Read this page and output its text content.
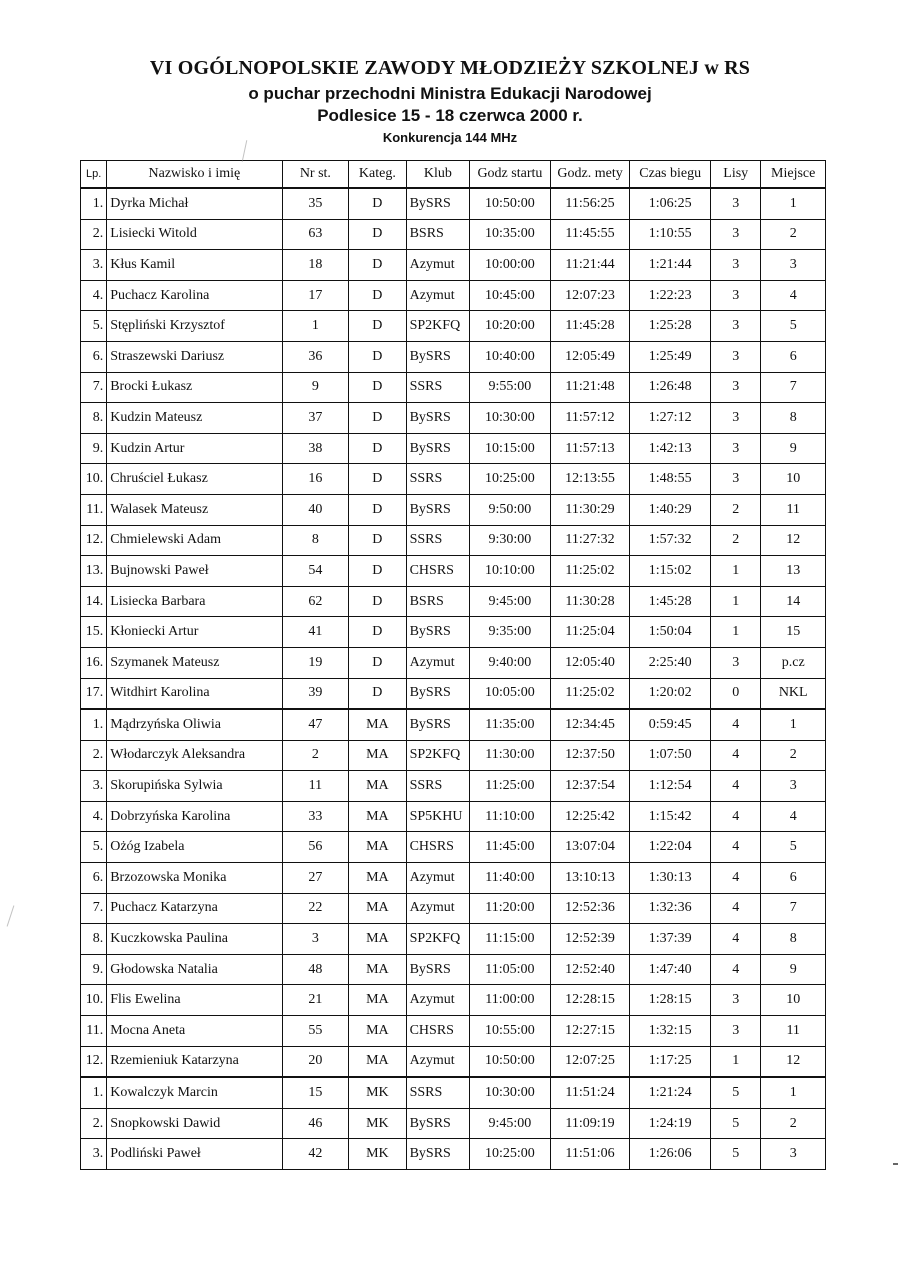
VI OGÓLNOPOLSKIE ZAWODY MŁODZIEŻY SZKOLNEJ w RS
o puchar przechodni Ministra Edukacji Narodowej
Podlesice 15 - 18 czerwca 2000 r.
Konkurencja 144 MHz
Lp.	Nazwisko i imię	Nr st.	Kateg.	Klub	Godz startu	Godz. mety	Czas biegu	Lisy	Miejsce
1.	Dyrka Michał	35	D	BySRS	10:50:00	11:56:25	1:06:25	3	1
2.	Lisiecki Witold	63	D	BSRS	10:35:00	11:45:55	1:10:55	3	2
3.	Kłus Kamil	18	D	Azymut	10:00:00	11:21:44	1:21:44	3	3
4.	Puchacz Karolina	17	D	Azymut	10:45:00	12:07:23	1:22:23	3	4
5.	Stępliński Krzysztof	1	D	SP2KFQ	10:20:00	11:45:28	1:25:28	3	5
6.	Straszewski Dariusz	36	D	BySRS	10:40:00	12:05:49	1:25:49	3	6
7.	Brocki Łukasz	9	D	SSRS	9:55:00	11:21:48	1:26:48	3	7
8.	Kudzin Mateusz	37	D	BySRS	10:30:00	11:57:12	1:27:12	3	8
9.	Kudzin Artur	38	D	BySRS	10:15:00	11:57:13	1:42:13	3	9
10.	Chruściel Łukasz	16	D	SSRS	10:25:00	12:13:55	1:48:55	3	10
11.	Walasek Mateusz	40	D	BySRS	9:50:00	11:30:29	1:40:29	2	11
12.	Chmielewski Adam	8	D	SSRS	9:30:00	11:27:32	1:57:32	2	12
13.	Bujnowski Paweł	54	D	CHSRS	10:10:00	11:25:02	1:15:02	1	13
14.	Lisiecka Barbara	62	D	BSRS	9:45:00	11:30:28	1:45:28	1	14
15.	Kłoniecki Artur	41	D	BySRS	9:35:00	11:25:04	1:50:04	1	15
16.	Szymanek Mateusz	19	D	Azymut	9:40:00	12:05:40	2:25:40	3	p.cz
17.	Witdhirt Karolina	39	D	BySRS	10:05:00	11:25:02	1:20:02	0	NKL
1.	Mądrzyńska Oliwia	47	MA	BySRS	11:35:00	12:34:45	0:59:45	4	1
2.	Włodarczyk Aleksandra	2	MA	SP2KFQ	11:30:00	12:37:50	1:07:50	4	2
3.	Skorupińska Sylwia	11	MA	SSRS	11:25:00	12:37:54	1:12:54	4	3
4.	Dobrzyńska Karolina	33	MA	SP5KHU	11:10:00	12:25:42	1:15:42	4	4
5.	Ożóg Izabela	56	MA	CHSRS	11:45:00	13:07:04	1:22:04	4	5
6.	Brzozowska Monika	27	MA	Azymut	11:40:00	13:10:13	1:30:13	4	6
7.	Puchacz Katarzyna	22	MA	Azymut	11:20:00	12:52:36	1:32:36	4	7
8.	Kuczkowska Paulina	3	MA	SP2KFQ	11:15:00	12:52:39	1:37:39	4	8
9.	Głodowska Natalia	48	MA	BySRS	11:05:00	12:52:40	1:47:40	4	9
10.	Flis Ewelina	21	MA	Azymut	11:00:00	12:28:15	1:28:15	3	10
11.	Mocna Aneta	55	MA	CHSRS	10:55:00	12:27:15	1:32:15	3	11
12.	Rzemieniuk Katarzyna	20	MA	Azymut	10:50:00	12:07:25	1:17:25	1	12
1.	Kowalczyk Marcin	15	MK	SSRS	10:30:00	11:51:24	1:21:24	5	1
2.	Snopkowski Dawid	46	MK	BySRS	9:45:00	11:09:19	1:24:19	5	2
3.	Podliński Paweł	42	MK	BySRS	10:25:00	11:51:06	1:26:06	5	3
